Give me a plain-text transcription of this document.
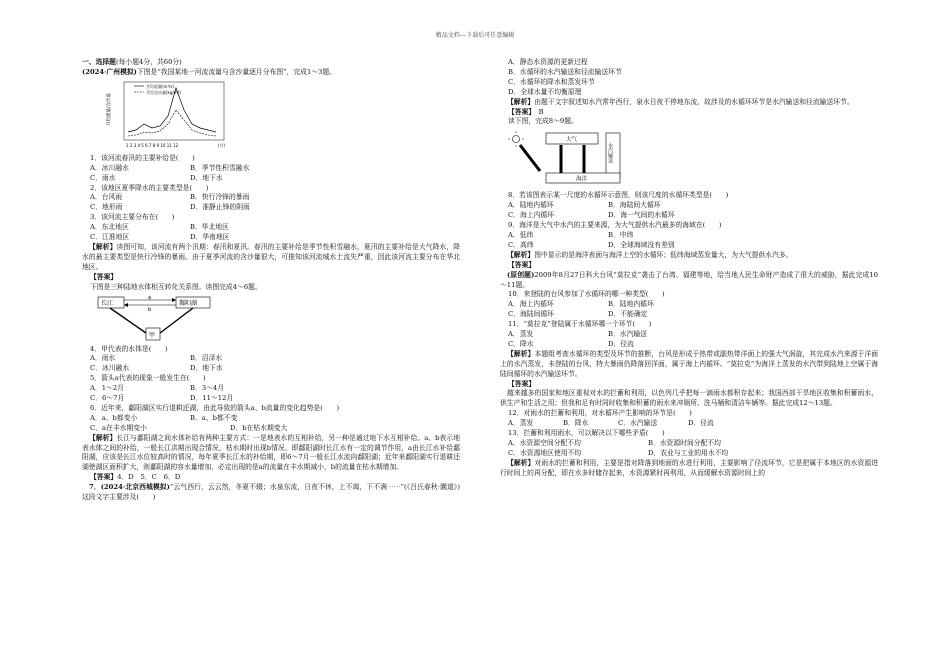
精品文档---下载后可任意编辑
一、选择题(每小题4分，共60分)
(2024·广州模拟)下图是“我国某地一河流流量与含沙量逐月分布图”，完成1～3题。
月均流量/含沙量
月均流量(m³/s)
月均含沙量(kg/m³)
1 2 3 4 5 6 7 8 9 10 11 12	(月)
1．该河流春汛的主要补给是(　　)
A．冰川融水	B．季节性积雪融水
C．雨水	D．地下水
2．该地区夏季降水的主要类型是(　　)
A．台风雨	B．快行冷锋的暴雨
C．地形雨	D．准静止锋的阴雨
3．该河流主要分布在(　　)
A．东北地区	B．华北地区
C．江淮地区	D．华南地区
【解析】读图可知，该河流有两个汛期：春汛和夏汛。春汛的主要补给是季节性积雪融水，夏汛的主要补给是大气降水，降水的最主要类型是快行冷锋的暴雨。由于夏季河流的含沙量很大，可推知该河流城水土流失严重，因此该河流主要分布在华北地区。
【答案】
下图是三种陆地水体相互转化关系图。读图完成4～6题。
长江	鄱阳湖
a
b
甲
4．甲代表的水体是(　　)
A．雨水	B．沼泽水
C．冰川融水	D．地下水
5．箭头a代表的现象一般发生在(　　)
A．1～2月	B．3～4月
C．6～7月	D．11～12月
6．近年来，鄱阳湖区实行退耕还湖，由此导致的箭头a、b流量的变化趋势是(　　)
A．a、b都变小	B．a、b都不变
C．a在丰水期变小	D．b在枯水期变大
【解析】长江与鄱阳湖之间水体补给有两种主要方式：一是地表水的互相补给，另一种是通过地下水互相补给。a、b表示地表水体之间的补给，一般长江洪期出现合情况，枯水期时出现b情况，即鄱阳湖时长江水有一定的调节作用，a由长江水补给鄱阳湖，应该是长江水位较高时的情况，每年夏季长江水的补给期，即6～7月一般长江水流向鄱阳湖；近年来鄱阳湖实行退耕还湖使湖区面积扩大，则鄱阳湖的容水量增加，必定出现的是a的流量在丰水期减小，b的流量在枯水期增加。
【答案】4．D　5．C　6．D
7．(2024·北京西城模拟)“云气西行，云云然，冬夏不辍；水泉东流，日夜不休，上不竭，下不满⋯⋯”(《吕氏春秋·圜道》)这段文字主要涉及(　　)
A．静态水资源的更新过程
B．水循环的水汽输送和径流输送环节
C．水循环的降水和蒸发环节
D．全球水量不均衡原理
【解析】由题干文字叙述知水汽常年西行，泉水日夜不停地东流，故涉及的水循环环节是水汽输送和径流输送环节。
【答案】　 B
读下图，完成8～9题。
大气
水汽输送
海洋
8．若该图表示某一尺度的水循环示意图，则该尺度的水循环类型是(　　)
A．陆地内循环	B．海陆间大循环
C．海上内循环	D．海一气间的水循环
9．海洋是大气中水汽的主要来源，为大气提供水汽最多的海域在(　　)
A．低纬	B．中纬
C．高纬	D．全球海域没有差别
【解析】图中显示的是海洋表面与海洋上空的水循环；低纬海域蒸发量大，为大气提供水汽多。
【答案】
(原创题)2009年8月27日科大台风“莫拉克”袭击了台湾、福建等地，给当地人民生命财产造成了很大的威胁，据此完成10～11题。
10．来登陆的台风参加了水循环的哪一种类型(　　)
A．海上内循环	B．陆地内循环
C．海陆间循环	D．不能确定
11．“莫拉克”登陆属于水循环哪一个环节(　　)
A．蒸发	B．水汽输送
C．降水	D．径流
【解析】本题组考查水循环的类型及环节的推断，台风是形成于热带或副热带洋面上的强大气涡旋，其完成水汽来源于洋面上的水汽蒸发，未登陆的台风，特大暴雨仍降落回洋面，属于海上内循环。“莫拉克”为海洋上蒸发的水汽带到陆地上空属于海陆间循环的水汽输送环节。
【答案】
越来越多的国家和地区重视对水的拦蓄和利用，以色列几乎把每一滴雨水都积存起来；我国西部干旱地区收集和积蓄雨水，供生产和生活之用；但我和足有时同时收集和积蓄的雨水来冲厕所、洗马桶和清洁车辆等。据此完成12～13题。
12．对雨水的拦蓄和利用，对水循环产生影响的环节是(　　)
A．蒸发	B．降水	C．水汽输送	D．径流
13．拦蓄和利用雨水，可以解决以下哪些矛盾(　　)
A．水资源空间分配不均	B．水资源时间分配不均
C．水资源地区使用不均	D．农业与工业的用水不均
【解析】对雨水的拦蓄和利用，主要是指对降落到地面的水进行利用，主要影响了径流环节，它是把属于本地区的水资源进行时间上的再分配，即在水多时储存起来，水资源紧时再利用，从而缓解水资源时间上的
